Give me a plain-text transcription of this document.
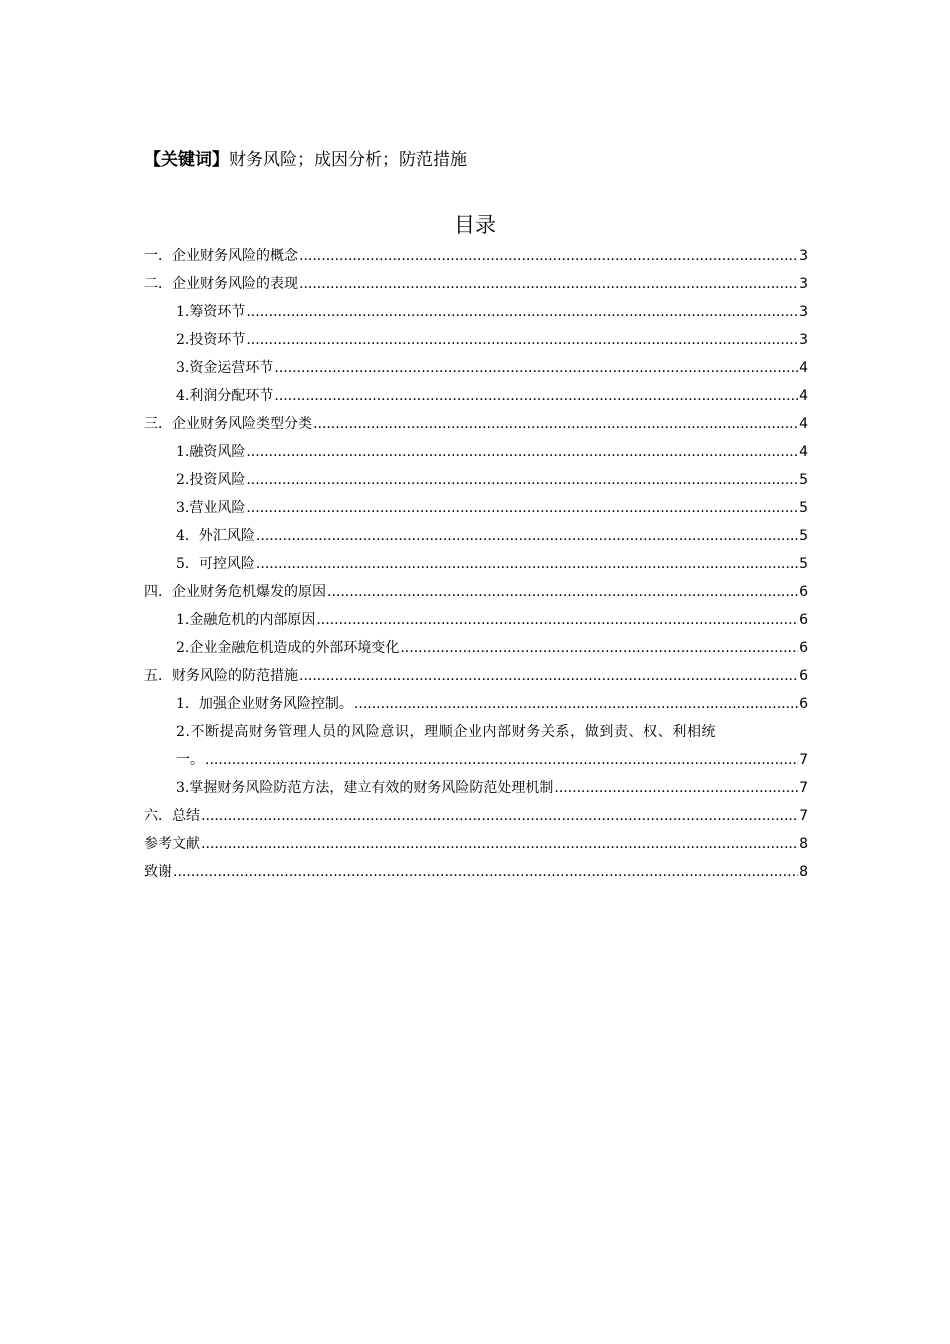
【关键词】财务风险；成因分析；防范措施
目录
一．企业财务风险的概念 .....	3
二．企业财务风险的表现 .....	3
1.筹资环节 .....	3
2.投资环节 .....	3
3.资金运营环节 .....	4
4.利润分配环节 .....	4
三．企业财务风险类型分类 .....	4
1.融资风险 .....	4
2.投资风险 .....	5
3.营业风险 .....	5
4．外汇风险 .....	5
5．可控风险 .....	5
四．企业财务危机爆发的原因 .....	6
1.金融危机的内部原因 .....	6
2.企业金融危机造成的外部环境变化 .....	6
五．财务风险的防范措施 .....	6
1．加强企业财务风险控制。 .....	6
2.不断提高财务管理人员的风险意识，理顺企业内部财务关系，做到责、权、利相统
一。 .....	7
3.掌握财务风险防范方法，建立有效的财务风险防范处理机制 .....	7
六．总结 .....	7
参考文献 .....	8
致谢 .....	8
